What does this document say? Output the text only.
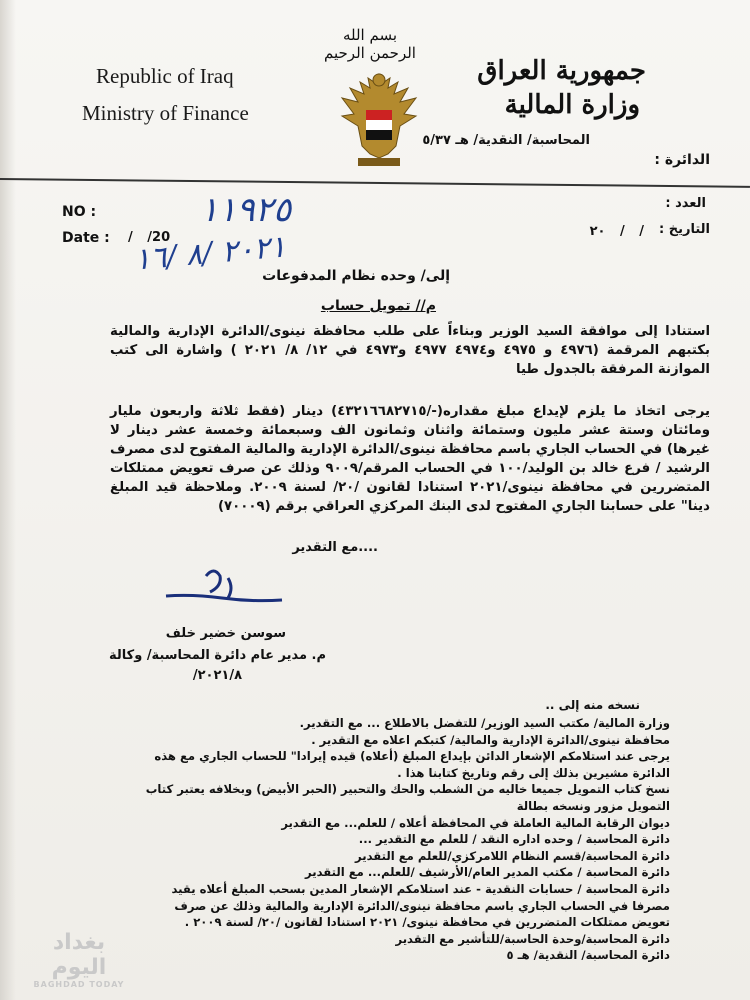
Republic of Iraq
Ministry of Finance
جمهورية العراق
وزارة المالية
بسم الله الرحمن الرحيم
المحاسبة/ النقدية/ هـ ٥/٣٧
الدائرة :
NO :
Date : / /20
١١٩٢٥
٢٠٢١ /٨ /١٦
العدد :
التاريخ :
/ / ٢٠
إلى/ وحده نظام المدفوعات
م// تمويل حساب
استنادا إلى موافقة السيد الوزير وبناءاً على طلب محافظة نينوى/الدائرة الإدارية والمالية بكتبهم المرقمة (٤٩٧٦ و ٤٩٧٥ و٤٩٧٤ ٤٩٧٧ و٤٩٧٣ في ١٢/ ٨/ ٢٠٢١ ) واشارة الى كتب الموازنة المرفقة بالجدول طيا
يرجى اتخاذ ما يلزم لإيداع مبلغ مقداره(-/٤٣٢١٦٦٨٢٧١٥) دينار (فقط ثلاثة واربعون مليار ومائتان وستة عشر مليون وستمائة واثنان وثمانون الف وسبعمائة وخمسة عشر دينار لا غيرها) في الحساب الجاري باسم محافظة نينوى/الدائرة الإدارية والمالية المفتوح لدى مصرف الرشيد / فرع خالد بن الوليد/١٠٠ في الحساب المرقم/٩٠٠٩ وذلك عن صرف تعويض ممتلكات المتضررين في محافظة نينوى/٢٠٢١ استنادا لقانون /٢٠/ لسنة ٢٠٠٩. وملاحظة قيد المبلغ دينا" على حسابنا الجاري المفتوح لدى البنك المركزي العراقي برقم (٧٠٠٠٩)
....مع التقدير
سوسن خضير خلف
م. مدير عام دائرة المحاسبة/ وكالة
٢٠٢١/٨/
نسخه منه إلى ..

وزارة المالية/ مكتب السيد الوزير/ للتفضل بالاطلاع ... مع التقدير.

محافظة نينوى/الدائرة الإدارية والمالية/ كتبكم اعلاه مع التقدير .

يرجى عند استلامكم الإشعار الدائن بإيداع المبلغ (أعلاه) قيده إيرادا" للحساب الجاري مع هذه الدائرة مشيرين بذلك إلى رقم وتاريخ كتابنا هذا .

نسخ كتاب التمويل جميعا خاليه من الشطب والحك والتحبير (الحبر الأبيض) وبخلافه يعتبر كتاب التمويل مزور ونسخه بطالة

ديوان الرقابة المالية العاملة في المحافظة أعلاه / للعلم... مع التقدير

دائرة المحاسبة / وحده اداره النقد / للعلم مع التقدير ...

دائرة المحاسبة/قسم النظام اللامركزي/للعلم مع التقدير

دائرة المحاسبة / مكتب المدير العام/الأرشيف /للعلم... مع التقدير

دائرة المحاسبة / حسابات النقدية - عند استلامكم الإشعار المدين بسحب المبلغ أعلاه يقيد مصرفا في الحساب الجاري باسم محافظة نينوى/الدائرة الإدارية والمالية وذلك عن صرف تعويض ممتلكات المتضررين في محافظة نينوى/ ٢٠٢١ استنادا لقانون /٢٠/ لسنة ٢٠٠٩ .

دائرة المحاسبة/وحدة الحاسبة/للتأشير مع التقدير

دائرة المحاسبة/ النقدية/ هـ ٥

بغداد اليوم
BAGHDAD TODAY
